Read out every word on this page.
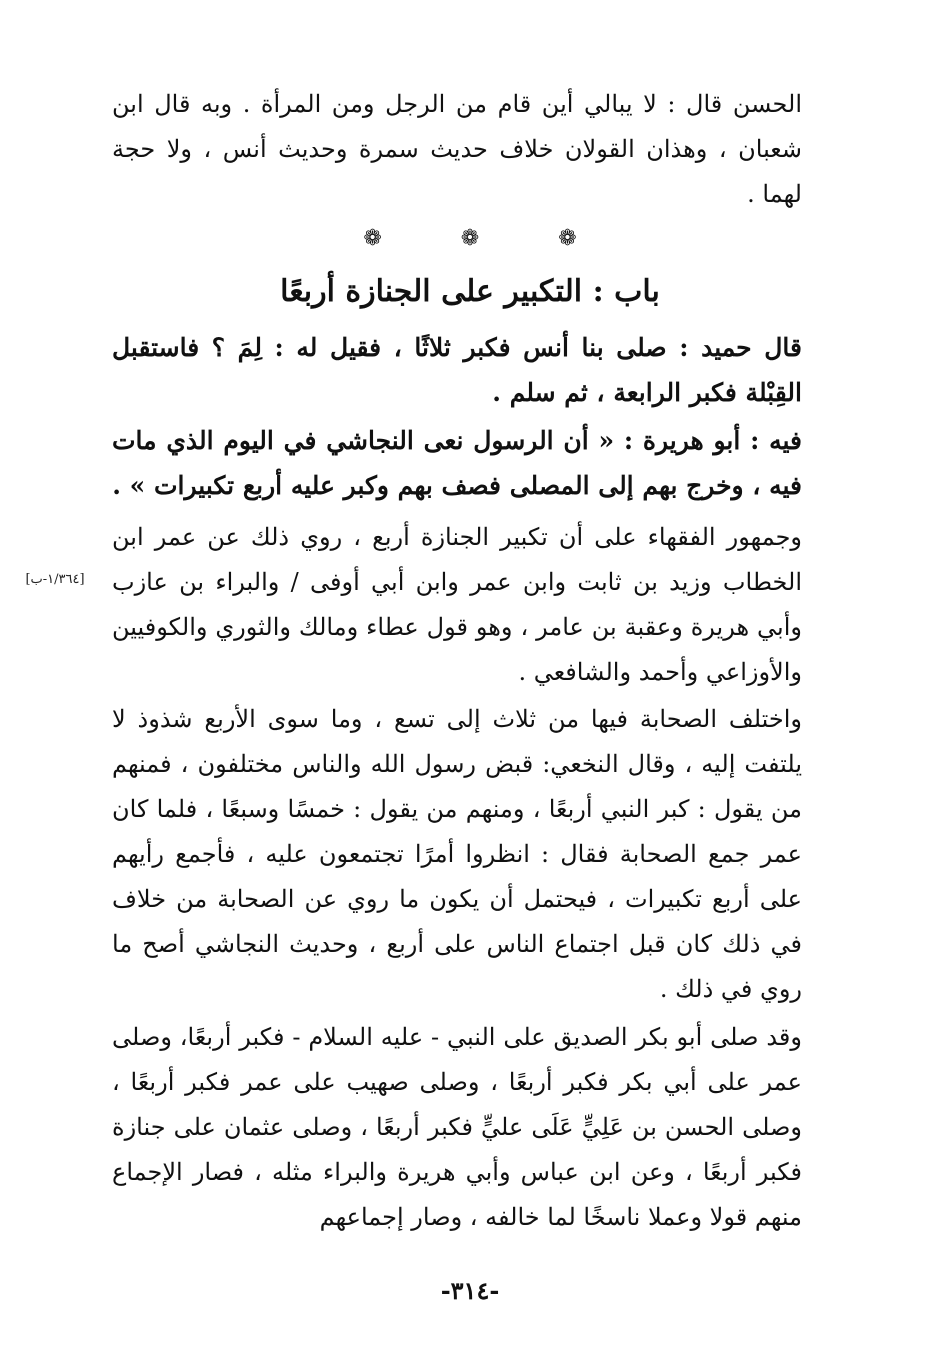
الحسن قال : لا يبالي أين قام من الرجل ومن المرأة . وبه قال ابن شعبان ، وهذان القولان خلاف حديث سمرة وحديث أنس ، ولا حجة لهما .
❁	❁	❁
باب : التكبير على الجنازة أربعًا
قال حميد : صلى بنا أنس فكبر ثلاثًا ، فقيل له : لِمَ ؟ فاستقبل القِبْلة فكبر الرابعة ، ثم سلم .
فيه : أبو هريرة : « أن الرسول نعى النجاشي في اليوم الذي مات فيه ، وخرج بهم إلى المصلى فصف بهم وكبر عليه أربع تكبيرات » .
وجمهور الفقهاء على أن تكبير الجنازة أربع ، روي ذلك عن عمر ابن الخطاب وزيد بن ثابت وابن عمر وابن أبي أوفى / والبراء بن عازب وأبي هريرة وعقبة بن عامر ، وهو قول عطاء ومالك والثوري والكوفيين والأوزاعي وأحمد والشافعي .
[١/٣٦٤-ب]
واختلف الصحابة فيها من ثلاث إلى تسع ، وما سوى الأربع شذوذ لا يلتفت إليه ، وقال النخعي: قبض رسول الله والناس مختلفون ، فمنهم من يقول : كبر النبي أربعًا ، ومنهم من يقول : خمسًا وسبعًا ، فلما كان عمر جمع الصحابة فقال : انظروا أمرًا تجتمعون عليه ، فأجمع رأيهم على أربع تكبيرات ، فيحتمل أن يكون ما روي عن الصحابة من خلاف في ذلك كان قبل اجتماع الناس على أربع ، وحديث النجاشي أصح ما روي في ذلك .
وقد صلى أبو بكر الصديق على النبي - عليه السلام - فكبر أربعًا، وصلى عمر على أبي بكر فكبر أربعًا ، وصلى صهيب على عمر فكبر أربعًا ، وصلى الحسن بن عَلِيٍّ عَلَى عليٍّ فكبر أربعًا ، وصلى عثمان على جنازة فكبر أربعًا ، وعن ابن عباس وأبي هريرة والبراء مثله ، فصار الإجماع منهم قولا وعملا ناسخًا لما خالفه ، وصار إجماعهم
-٣١٤-
